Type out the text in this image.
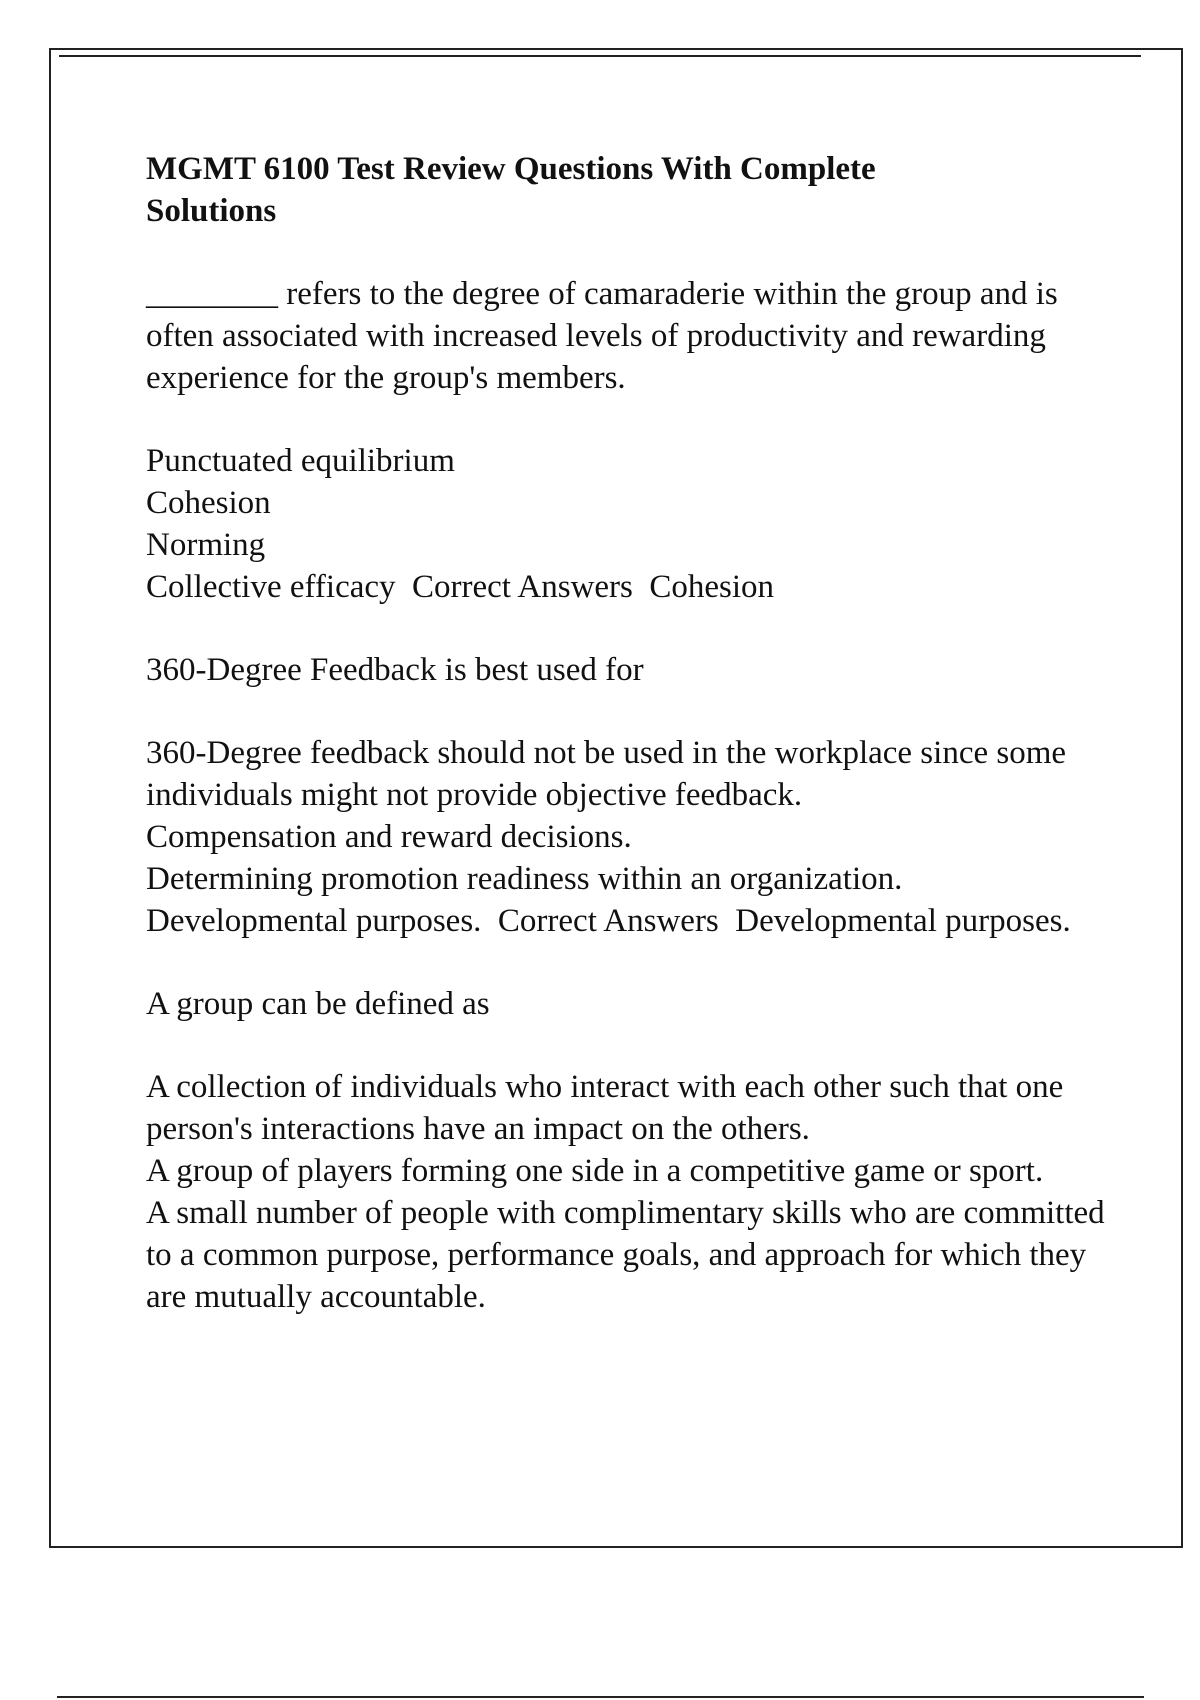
MGMT 6100 Test Review Questions With Complete Solutions
________ refers to the degree of camaraderie within the group and is often associated with increased levels of productivity and rewarding experience for the group's members.
Punctuated equilibrium
Cohesion
Norming
Collective efficacy  Correct Answers  Cohesion
360-Degree Feedback is best used for
360-Degree feedback should not be used in the workplace since some individuals might not provide objective feedback.
Compensation and reward decisions.
Determining promotion readiness within an organization.
Developmental purposes.  Correct Answers  Developmental purposes.
A group can be defined as
A collection of individuals who interact with each other such that one person's interactions have an impact on the others.
A group of players forming one side in a competitive game or sport.
A small number of people with complimentary skills who are committed to a common purpose, performance goals, and approach for which they are mutually accountable.
